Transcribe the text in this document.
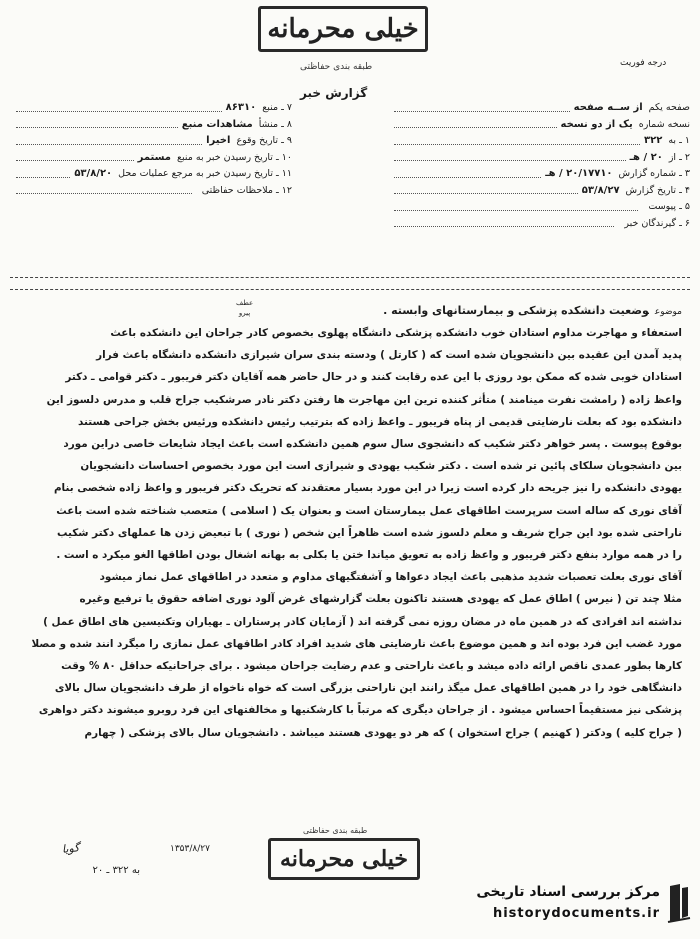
خیلی محرمانه
طبقه بندی حفاظتی	درجه فوریت
گزارش خبر
صفحه یکم
از ســه صفحه
نسخه شماره
یک از دو نسخه
۱ ـ به
۳۲۲
۲ ـ از
۲۰ / هـ
۳ ـ شماره گزارش
۲۰/۱۷۷۱۰ / هـ
۴ ـ تاریخ گزارش
۵۳/۸/۲۷
۵ ـ پیوست
۶ ـ گیرندگان خبر
۷ ـ منبع
۸۶۳۱۰
۸ ـ منشأ
مشاهدات منبع
۹ ـ تاریخ وقوع
اخیرا
۱۰ ـ تاریخ رسیدن خبر به منبع
مستمر
۱۱ ـ تاریخ رسیدن خبر به مرجع عملیات محل
۵۳/۸/۲۰
۱۲ ـ ملاحظات حفاظتی
عطف
پیرو	موضوعوضعیت دانشکده پزشکی و بیمارستانهای وابسته .

استعفاء و مهاجرت مداوم استادان خوب دانشکده پزشکی دانشگاه پهلوی بخصوص کادر جراحان این دانشکده باعث

پدید آمدن این عقیده بین دانشجویان شده است که ( کارتل ) ودسته بندی سران شیرازی دانشکده دانشگاه باعث فرار

استادان خوبی شده که ممکن بود روزی با این عده رقابت کنند و در حال حاضر همه آقایان دکتر فریبور ـ دکتر قوامی ـ دکتر

واعظ زاده ( رامشت نفرت مینامند ) متأثر کننده ترین این مهاجرت ها رفتن دکتر نادر صرشکیب جراح قلب و مدرس دلسوز این

دانشکده بود که بعلت نارضایتی قدیمی از پناه فریبور ـ واعظ زاده که بترتیب رئیس دانشکده ورئیس بخش جراحی هستند

بوقوع پیوست . پسر خواهر دکتر شکیب که دانشجوی سال سوم همین دانشکده است باعث ایجاد شایعات خاصی دراین مورد

بین دانشجویان سلکای پائین تر شده است . دکتر شکیب یهودی و شیرازی است این مورد بخصوص احساسات دانشجویان

یهودی دانشکده را نیز جریحه دار کرده است زیرا در این مورد بسیار معتقدند که تحریک دکتر فریبور و واعظ زاده شخصی بنام

آقای نوری که ساله است سرپرست اطاقهای عمل بیمارستان است و بعنوان یک ( اسلامی ) متعصب شناخته شده است باعث

ناراحتی شده بود این جراح شریف و معلم دلسوز شده است ظاهراً این شخص ( نوری ) با تبعیض زدن ها عملهای دکتر شکیب

را در همه موارد بنفع دکتر فریبور و واعظ زاده به تعویق میاندا ختن یا بکلی به بهانه اشغال بودن اطاقها الغو میکرد ه است .

آقای نوری بعلت تعصبات شدید مذهبی باعث ایجاد دعواها و آشفتگیهای مداوم و متعدد در اطاقهای عمل نماز میشود

مثلا چند تن ( نیرس ) اطاق عمل که یهودی هستند تاکنون بعلت گزارشهای غرض آلود نوری اضافه حقوق یا ترفیع وغیره

نداشته اند افرادی که در همین ماه در مضان روزه نمی گرفته اند ( آزمایان کادر پرستاران ـ بهیاران وتکنیسین های اطاق عمل )

مورد غضب این فرد بوده اند و همین موضوع باعث نارضایتی های شدید افراد کادر اطاقهای عمل نمازی را میگرد انند شده و مصلا

کارها بطور عمدی ناقص ارائه داده میشد و باعث ناراحتی و عدم رضایت جراحان میشود . برای جراحانیکه حداقل ۸۰ % وقت

دانشگاهی خود را در همین اطاقهای عمل میگذ رانند این ناراحتی بزرگی است که خواه ناخواه از طرف دانشجویان سال بالای

پزشکی نیز مستقیماً احساس میشود . از جراحان دیگری که مرتباً با کارشکنیها و مخالفتهای این فرد روبرو میشوند دکتر دواهری

( جراح کلیه ) ودکتر ( کهنیم ) جراح استخوان ) که هر دو یهودی هستند میباشد . دانشجویان سال بالای پزشکی ( چهارم

طبقه بندی حفاظتی
خیلی محرمانه
گویا	۱۳۵۳/۸/۲۷
به ۳۲۲ ـ ۲۰
مرکز بررسی اسناد تاریخی
historydocuments.ir
